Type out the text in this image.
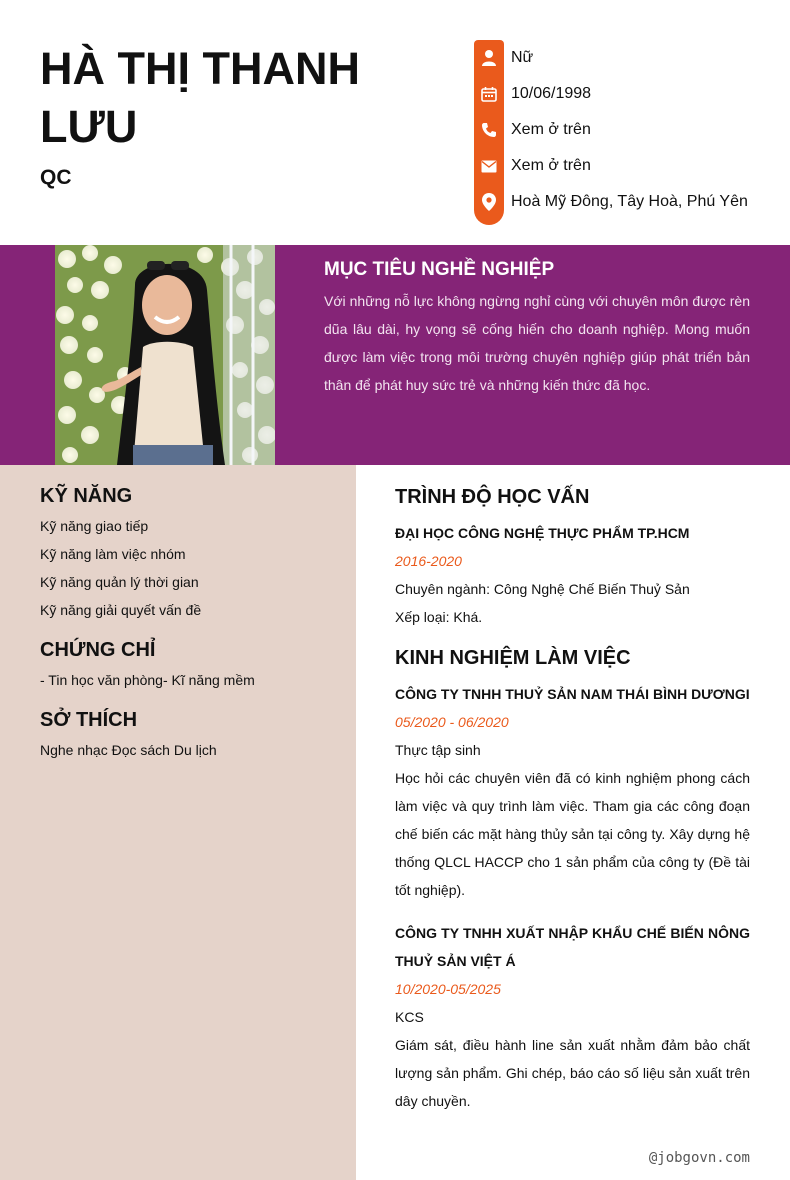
HÀ THỊ THANH LƯU
QC
Nữ
10/06/1998
Xem ở trên
Xem ở trên
Hoà Mỹ Đông, Tây Hoà, Phú Yên
MỤC TIÊU NGHỀ NGHIỆP
Với những nỗ lực không ngừng nghỉ cùng với chuyên môn được rèn dũa lâu dài, hy vọng sẽ cống hiến cho doanh nghiệp. Mong muốn được làm việc trong môi trường chuyên nghiệp giúp phát triển bản thân để phát huy sức trẻ và những kiến thức đã học.
KỸ NĂNG
Kỹ năng giao tiếp
Kỹ năng làm việc nhóm
Kỹ năng quản lý thời gian
Kỹ năng giải quyết vấn đề
CHỨNG CHỈ
- Tin học văn phòng- Kĩ năng mềm
SỞ THÍCH
Nghe nhạc Đọc sách Du lịch
TRÌNH ĐỘ HỌC VẤN
ĐẠI HỌC CÔNG NGHỆ THỰC PHẨM TP.HCM
2016-2020
Chuyên ngành: Công Nghệ Chế Biến Thuỷ Sản
Xếp loại: Khá.
KINH NGHIỆM LÀM VIỆC
CÔNG TY TNHH THUỶ SẢN NAM THÁI BÌNH DƯƠNGI
05/2020 - 06/2020
Thực tập sinh
Học hỏi các chuyên viên đã có kinh nghiệm phong cách làm việc và quy trình làm việc. Tham gia các công đoạn chế biến các mặt hàng thủy sản tại công ty. Xây dựng hệ thống QLCL HACCP cho 1 sản phẩm của công ty (Đề tài tốt nghiệp).
CÔNG TY TNHH XUẤT NHẬP KHẨU CHẾ BIẾN NÔNG THUỶ SẢN VIỆT Á
10/2020-05/2025
KCS
Giám sát, điều hành line sản xuất nhằm đảm bảo chất lượng sản phẩm. Ghi chép, báo cáo số liệu sản xuất trên dây chuyền.
@jobgovn.com
